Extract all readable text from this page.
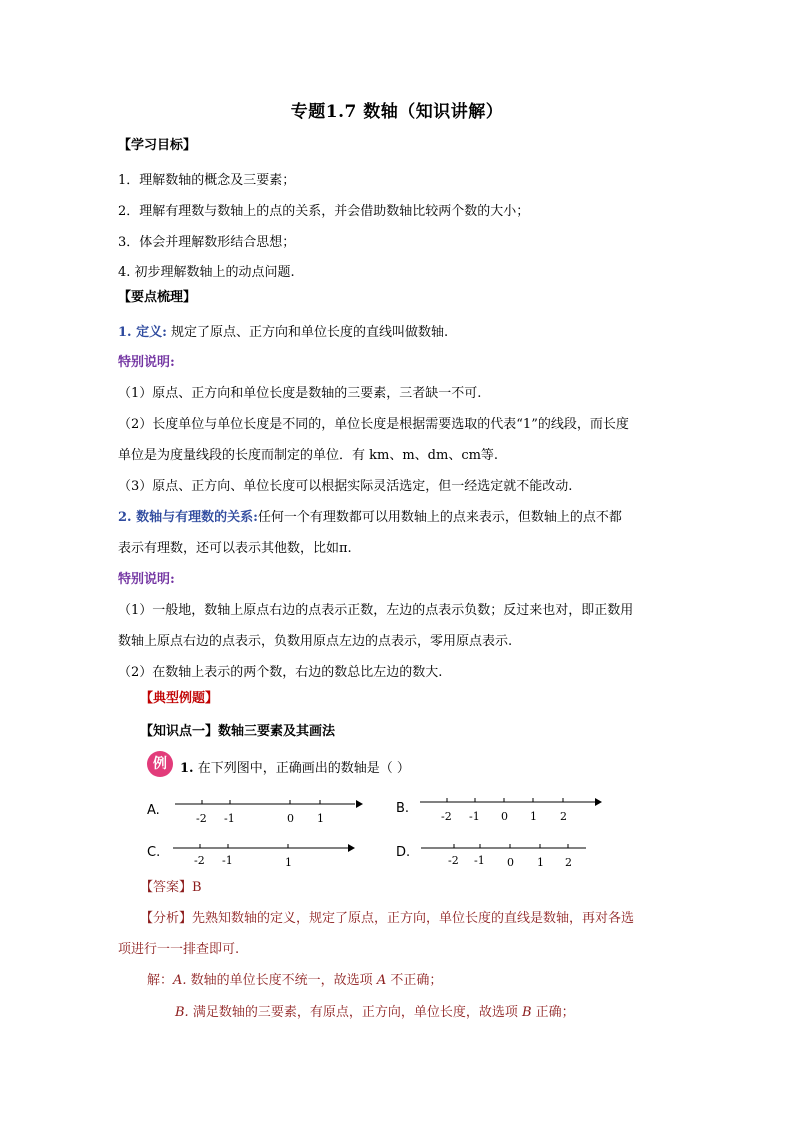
专题1.7 数轴（知识讲解）
【学习目标】
1．理解数轴的概念及三要素；
2．理解有理数与数轴上的点的关系，并会借助数轴比较两个数的大小；
3．体会并理解数形结合思想；
4. 初步理解数轴上的动点问题.
【要点梳理】
1. 定义: 规定了原点、正方向和单位长度的直线叫做数轴.
特别说明:
（1）原点、正方向和单位长度是数轴的三要素，三者缺一不可.
（2）长度单位与单位长度是不同的，单位长度是根据需要选取的代表“1”的线段，而长度
单位是为度量线段的长度而制定的单位．有 km、m、dm、cm等.
（3）原点、正方向、单位长度可以根据实际灵活选定，但一经选定就不能改动.
2. 数轴与有理数的关系:任何一个有理数都可以用数轴上的点来表示，但数轴上的点不都
表示有理数，还可以表示其他数，比如π.
特别说明:
（1）一般地，数轴上原点右边的点表示正数，左边的点表示负数；反过来也对，即正数用
数轴上原点右边的点表示，负数用原点左边的点表示，零用原点表示.
（2）在数轴上表示的两个数，右边的数总比左边的数大.
【典型例题】
【知识点一】数轴三要素及其画法
例	1. 在下列图中，正确画出的数轴是（ ）
A.
-2 -1	0 1
B.
-2 -1 0 1 2
C.
-2 -1	1
D.
-2 -1 0 1 2
【答案】B
【分析】先熟知数轴的定义，规定了原点，正方向，单位长度的直线是数轴，再对各选
项进行一一排查即可.
解：A. 数轴的单位长度不统一，故选项 A 不正确；
B. 满足数轴的三要素，有原点，正方向，单位长度，故选项 B 正确；
